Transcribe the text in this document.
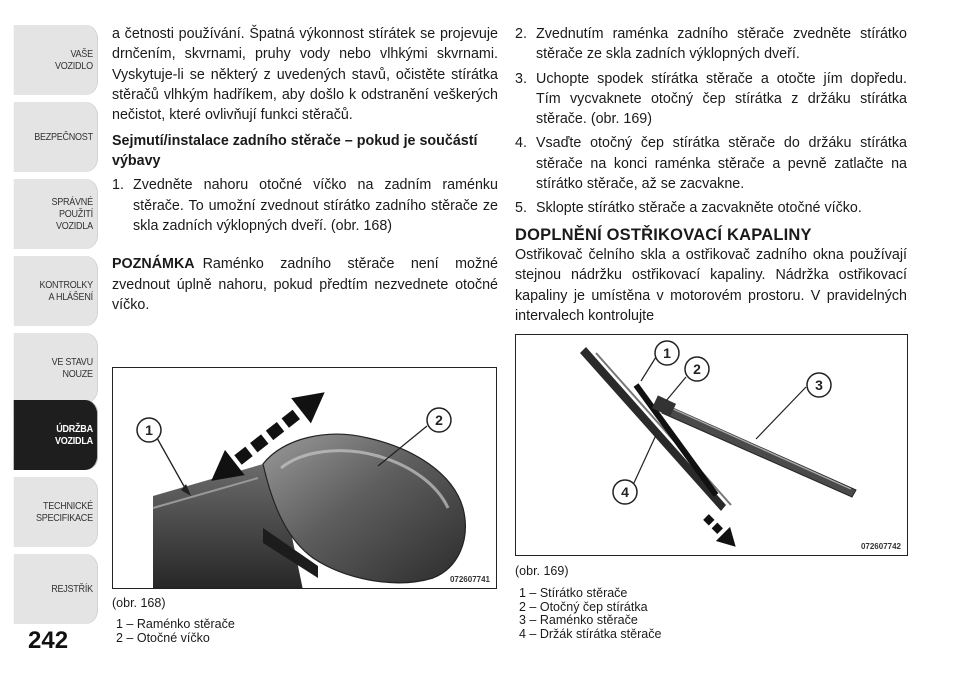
VAŠE
VOZIDLO
BEZPEČNOST
SPRÁVNÉ
POUŽITÍ
VOZIDLA
KONTROLKY
A HLÁŠENÍ
VE STAVU
NOUZE
ÚDRŽBA
VOZIDLA
TECHNICKÉ
SPECIFIKACE
REJSTŘÍK
242

a četnosti používání. Špatná výkonnost stírátek se projevuje drnčením, skvrnami, pruhy vody nebo vlhkými skvrnami. Vyskytuje-li se některý z uvedených stavů, očistěte stírátka stěračů vlhkým hadříkem, aby došlo k odstranění veškerých nečistot, které ovlivňují funkci stěračů.

Sejmutí/instalace zadního stěrače – pokud je součástí výbavy
1. Zvedněte nahoru otočné víčko na zadním raménku stěrače. To umožní zvednout stírátko zadního stěrače ze skla zadních výklopných dveří. (obr. 168)

POZNÁMKA Raménko zadního stěrače není možné zvednout úplně nahoru, pokud předtím nezvednete otočné víčko.

2. Zvednutím raménka zadního stěrače zvedněte stírátko stěrače ze skla zadních výklopných dveří.
3. Uchopte spodek stírátka stěrače a otočte jím dopředu. Tím vycvaknete otočný čep stírátka z držáku stírátka stěrače. (obr. 169)
4. Vsaďte otočný čep stírátka stěrače do držáku stírátka stěrače na konci raménka stěrače a pevně zatlačte na stírátko stěrače, až se zacvakne.
5. Sklopte stírátko stěrače a zacvakněte otočné víčko.
DOPLNĚNÍ OSTŘIKOVACÍ KAPALINY

Ostřikovač čelního skla a ostřikovač zadního okna používají stejnou nádržku ostřikovací kapaliny. Nádržka ostřikovací kapaliny je umístěna v motorovém prostoru. V pravidelných intervalech kontrolujte

1
2
072607741
(obr. 168)
1 – Raménko stěrače
2 – Otočné víčko
1
2
3
4
072607742
(obr. 169)
1 – Stírátko stěrače
2 – Otočný čep stírátka
3 – Raménko stěrače
4 – Držák stírátka stěrače
